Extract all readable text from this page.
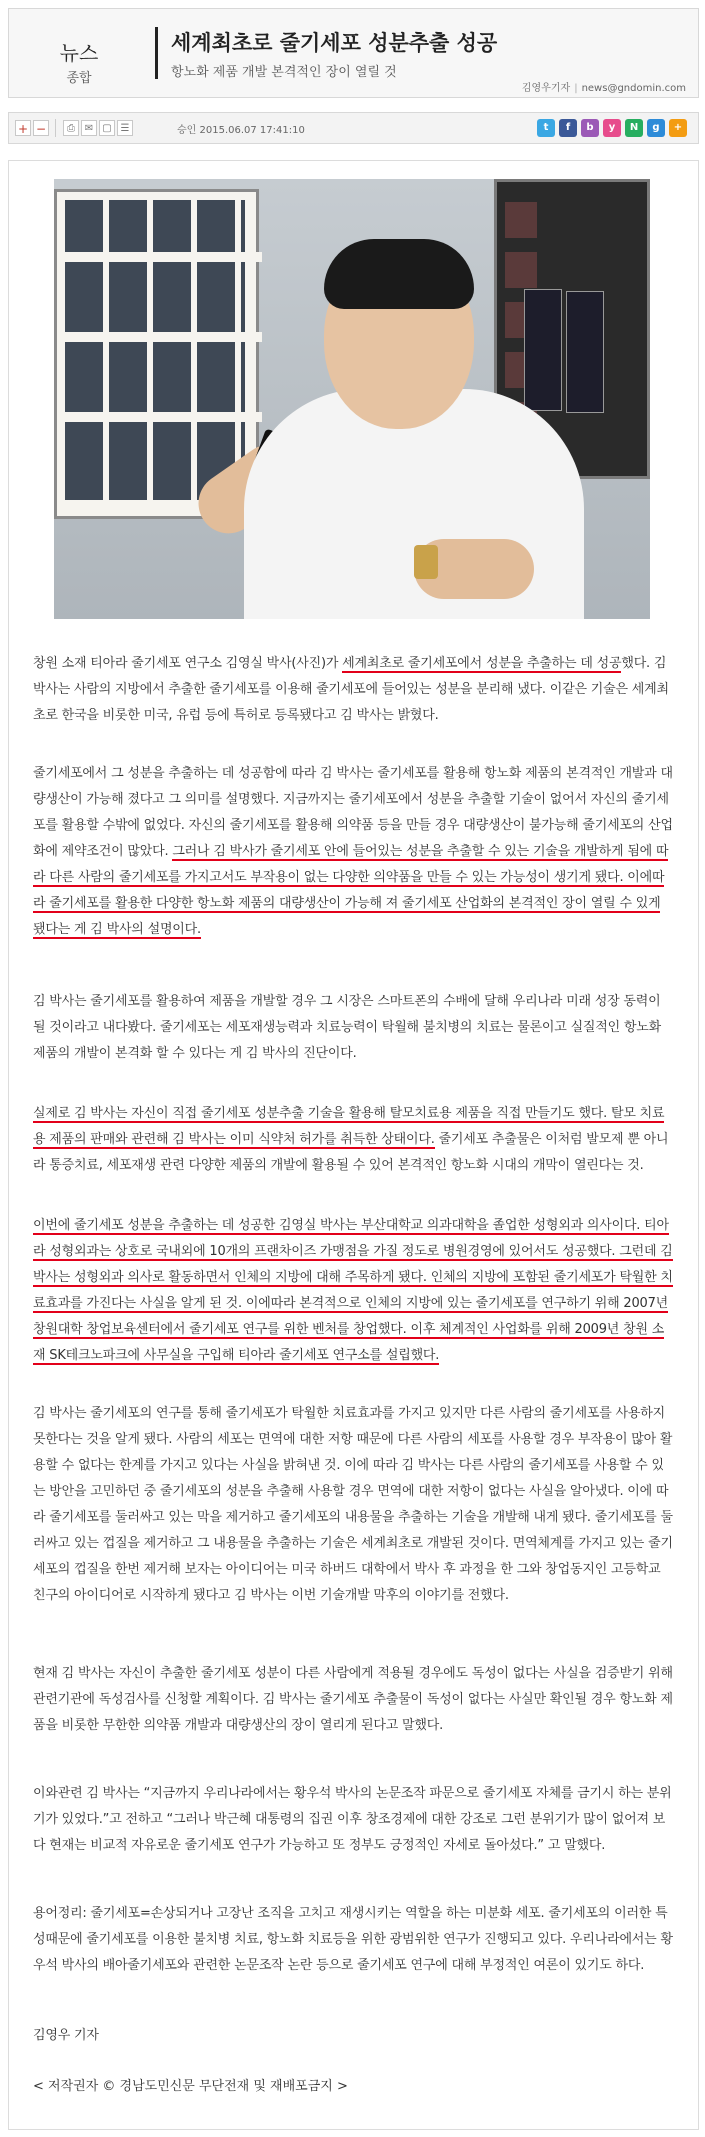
뉴스
종합
세계최초로 줄기세포 성분추출 성공
항노화 제품 개발 본격적인 장이 열릴 것
김영우기자 | news@gndomin.com
+ −	⎙ ✉ ▢ ☰	승인 2015.06.07 17:41:10	t	f	b	y	N	g	+

창원 소재 티아라 줄기세포 연구소 김영실 박사(사진)가 세계최초로 줄기세포에서 성분을 추출하는 데 성공했다. 김 박사는 사람의 지방에서 추출한 줄기세포를 이용해 줄기세포에 들어있는 성분을 분리해 냈다. 이같은 기술은 세계최초로 한국을 비롯한 미국, 유럽 등에 특허로 등록됐다고 김 박사는 밝혔다.

줄기세포에서 그 성분을 추출하는 데 성공함에 따라 김 박사는 줄기세포를 활용해 항노화 제품의 본격적인 개발과 대량생산이 가능해 졌다고 그 의미를 설명했다. 지금까지는 줄기세포에서 성분을 추출할 기술이 없어서 자신의 줄기세포를 활용할 수밖에 없었다. 자신의 줄기세포를 활용해 의약품 등을 만들 경우 대량생산이 불가능해 줄기세포의 산업화에 제약조건이 많았다. 그러나 김 박사가 줄기세포 안에 들어있는 성분을 추출할 수 있는 기술을 개발하게 됨에 따라 다른 사람의 줄기세포를 가지고서도 부작용이 없는 다양한 의약품을 만들 수 있는 가능성이 생기게 됐다. 이에따라 줄기세포를 활용한 다양한 항노화 제품의 대량생산이 가능해 져 줄기세포 산업화의 본격적인 장이 열릴 수 있게 됐다는 게 김 박사의 설명이다.

김 박사는 줄기세포를 활용하여 제품을 개발할 경우 그 시장은 스마트폰의 수배에 달해 우리나라 미래 성장 동력이 될 것이라고 내다봤다. 줄기세포는 세포재생능력과 치료능력이 탁월해 불치병의 치료는 물론이고 실질적인 항노화 제품의 개발이 본격화 할 수 있다는 게 김 박사의 진단이다.

실제로 김 박사는 자신이 직접 줄기세포 성분추출 기술을 활용해 탈모치료용 제품을 직접 만들기도 했다. 탈모 치료용 제품의 판매와 관련해 김 박사는 이미 식약처 허가를 취득한 상태이다. 줄기세포 추출물은 이처럼 발모제 뿐 아니라 통증치료, 세포재생 관련 다양한 제품의 개발에 활용될 수 있어 본격적인 항노화 시대의 개막이 열린다는 것.

이번에 줄기세포 성분을 추출하는 데 성공한 김영실 박사는 부산대학교 의과대학을 졸업한 성형외과 의사이다. 티아라 성형외과는 상호로 국내외에 10개의 프랜차이즈 가맹점을 가질 정도로 병원경영에 있어서도 성공했다. 그런데 김 박사는 성형외과 의사로 활동하면서 인체의 지방에 대해 주목하게 됐다. 인체의 지방에 포함된 줄기세포가 탁월한 치료효과를 가진다는 사실을 알게 된 것. 이에따라 본격적으로 인체의 지방에 있는 줄기세포를 연구하기 위해 2007년 창원대학 창업보육센터에서 줄기세포 연구를 위한 벤처를 창업했다. 이후 체계적인 사업화를 위해 2009년 창원 소재 SK테크노파크에 사무실을 구입해 티아라 줄기세포 연구소를 설립했다.

김 박사는 줄기세포의 연구를 통해 줄기세포가 탁월한 치료효과를 가지고 있지만 다른 사람의 줄기세포를 사용하지 못한다는 것을 알게 됐다. 사람의 세포는 면역에 대한 저항 때문에 다른 사람의 세포를 사용할 경우 부작용이 많아 활용할 수 없다는 한계를 가지고 있다는 사실을 밝혀낸 것. 이에 따라 김 박사는 다른 사람의 줄기세포를 사용할 수 있는 방안을 고민하던 중 줄기세포의 성분을 추출해 사용할 경우 면역에 대한 저항이 없다는 사실을 알아냈다. 이에 따라 줄기세포를 둘러싸고 있는 막을 제거하고 줄기세포의 내용물을 추출하는 기술을 개발해 내게 됐다. 줄기세포를 둘러싸고 있는 껍질을 제거하고 그 내용물을 추출하는 기술은 세계최초로 개발된 것이다. 면역체계를 가지고 있는 줄기세포의 껍질을 한번 제거해 보자는 아이디어는 미국 하버드 대학에서 박사 후 과정을 한 그와 창업동지인 고등학교 친구의 아이디어로 시작하게 됐다고 김 박사는 이번 기술개발 막후의 이야기를 전했다.

현재 김 박사는 자신이 추출한 줄기세포 성분이 다른 사람에게 적용될 경우에도 독성이 없다는 사실을 검증받기 위해 관련기관에 독성검사를 신청할 계획이다. 김 박사는 줄기세포 추출물이 독성이 없다는 사실만 확인될 경우 항노화 제품을 비롯한 무한한 의약품 개발과 대량생산의 장이 열리게 된다고 말했다.

이와관련 김 박사는 “지금까지 우리나라에서는 황우석 박사의 논문조작 파문으로 줄기세포 자체를 금기시 하는 분위기가 있었다.”고 전하고 “그러나 박근혜 대통령의 집권 이후 창조경제에 대한 강조로 그런 분위기가 많이 없어져 보다 현재는 비교적 자유로운 줄기세포 연구가 가능하고 또 정부도 긍정적인 자세로 돌아섰다.” 고 말했다.

용어정리: 줄기세포=손상되거나 고장난 조직을 고치고 재생시키는 역할을 하는 미분화 세포. 줄기세포의 이러한 특성때문에 줄기세포를 이용한 불치병 치료, 항노화 치료등을 위한 광범위한 연구가 진행되고 있다. 우리나라에서는 황우석 박사의 배아줄기세포와 관련한 논문조작 논란 등으로 줄기세포 연구에 대해 부정적인 여론이 있기도 하다.

김영우 기자

< 저작권자 © 경남도민신문 무단전재 및 재배포금지 >
